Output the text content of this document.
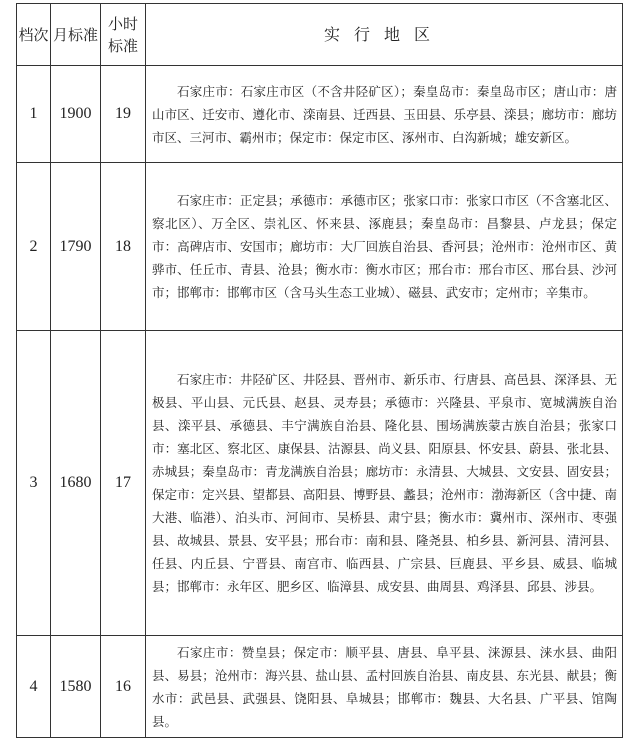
档次	月标准	小时标准	实行地区
1	1900	19	石家庄市：石家庄市区（不含井陉矿区）；秦皇岛市：秦皇岛市区；唐山市：唐山市区、迁安市、遵化市、滦南县、迁西县、玉田县、乐亭县、滦县；廊坊市：廊坊市区、三河市、霸州市；保定市：保定市区、涿州市、白沟新城；雄安新区。
2	1790	18	石家庄市：正定县；承德市：承德市区；张家口市：张家口市区（不含塞北区、察北区）、万全区、崇礼区、怀来县、涿鹿县；秦皇岛市：昌黎县、卢龙县；保定市：高碑店市、安国市；廊坊市：大厂回族自治县、香河县；沧州市：沧州市区、黄骅市、任丘市、青县、沧县；衡水市：衡水市区；邢台市：邢台市区、邢台县、沙河市；邯郸市：邯郸市区（含马头生态工业城）、磁县、武安市；定州市；辛集市。
3	1680	17	石家庄市：井陉矿区、井陉县、晋州市、新乐市、行唐县、高邑县、深泽县、无极县、平山县、元氏县、赵县、灵寿县；承德市：兴隆县、平泉市、宽城满族自治县、滦平县、承德县、丰宁满族自治县、隆化县、围场满族蒙古族自治县；张家口市：塞北区、察北区、康保县、沽源县、尚义县、阳原县、怀安县、蔚县、张北县、赤城县；秦皇岛市：青龙满族自治县；廊坊市：永清县、大城县、文安县、固安县；保定市：定兴县、望都县、高阳县、博野县、蠡县；沧州市：渤海新区（含中捷、南大港、临港）、泊头市、河间市、吴桥县、肃宁县；衡水市：冀州市、深州市、枣强县、故城县、景县、安平县；邢台市：南和县、隆尧县、柏乡县、新河县、清河县、任县、内丘县、宁晋县、南宫市、临西县、广宗县、巨鹿县、平乡县、威县、临城县；邯郸市：永年区、肥乡区、临漳县、成安县、曲周县、鸡泽县、邱县、涉县。
4	1580	16	石家庄市：赞皇县；保定市：顺平县、唐县、阜平县、涞源县、涞水县、曲阳县、易县；沧州市：海兴县、盐山县、孟村回族自治县、南皮县、东光县、献县；衡水市：武邑县、武强县、饶阳县、阜城县；邯郸市：魏县、大名县、广平县、馆陶县。
